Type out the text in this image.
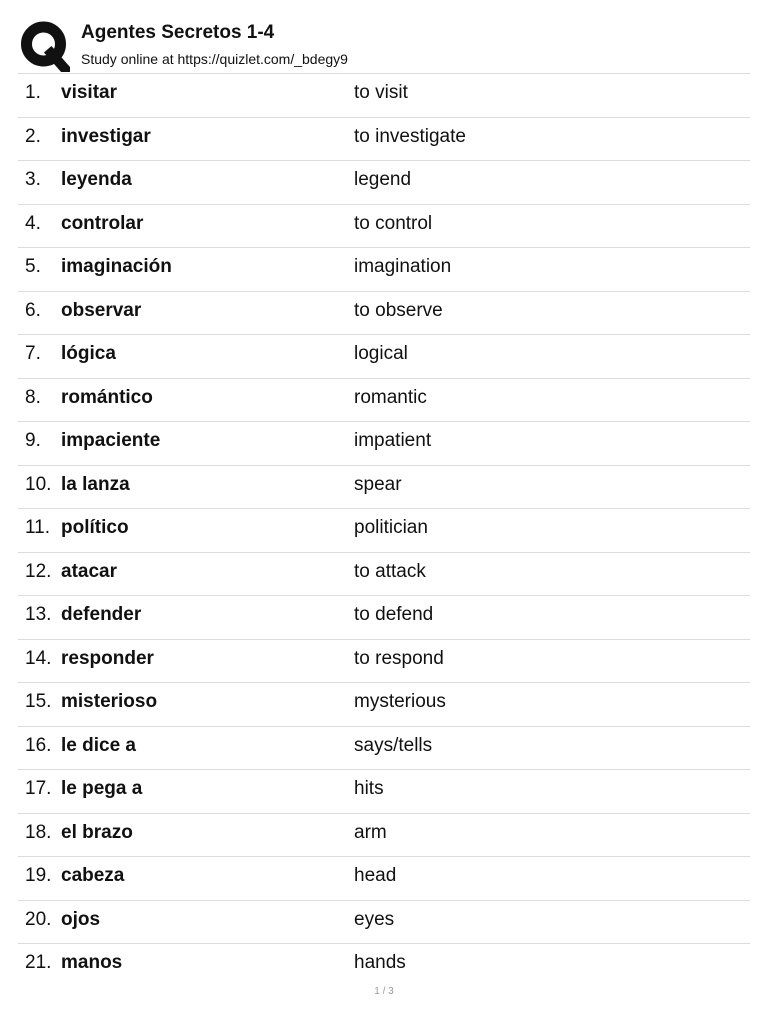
Agentes Secretos 1-4
Study online at https://quizlet.com/_bdegy9
1. visitar	to visit
2. investigar	to investigate
3. leyenda	legend
4. controlar	to control
5. imaginación	imagination
6. observar	to observe
7. lógica	logical
8. romántico	romantic
9. impaciente	impatient
10. la lanza	spear
11. político	politician
12. atacar	to attack
13. defender	to defend
14. responder	to respond
15. misterioso	mysterious
16. le dice a	says/tells
17. le pega a	hits
18. el brazo	arm
19. cabeza	head
20. ojos	eyes
21. manos	hands
1 / 3
